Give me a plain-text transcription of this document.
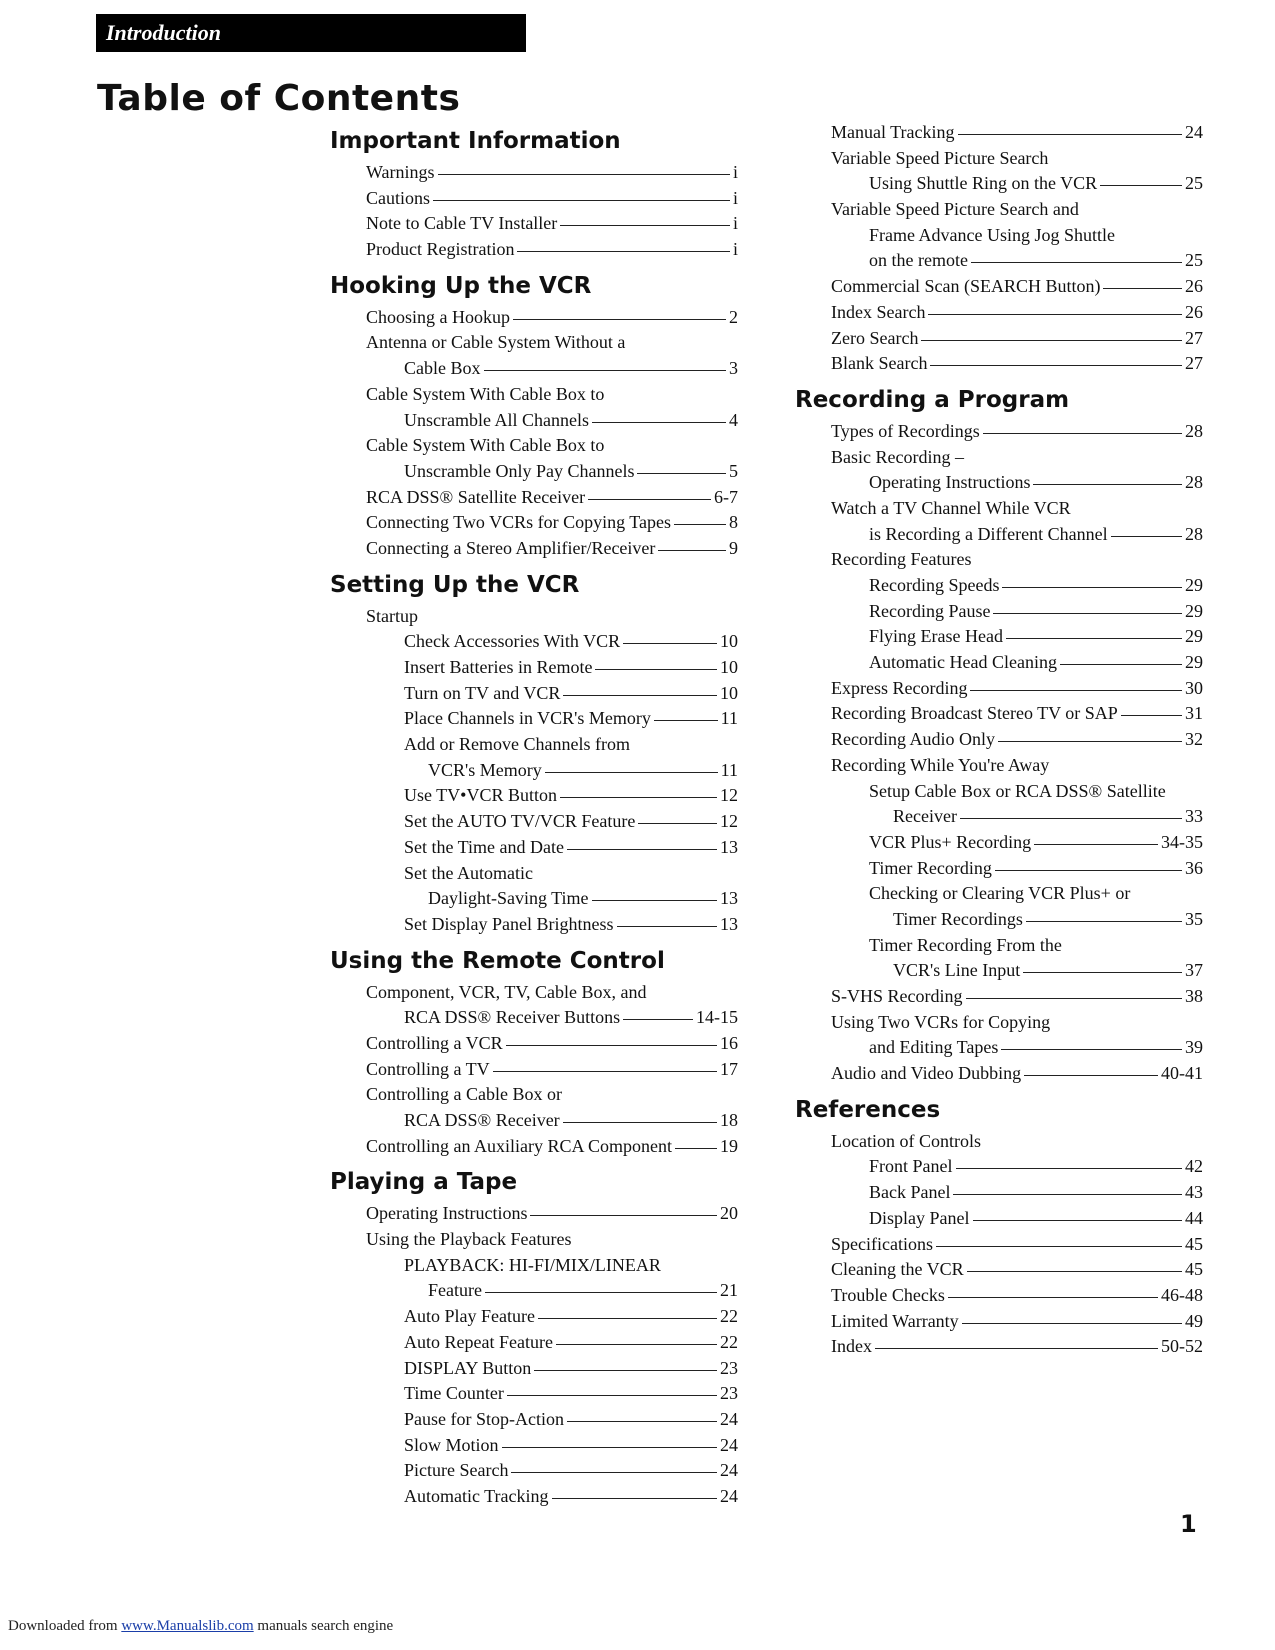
Introduction
Table of Contents
Important Information
Warnings	i
Cautions	i
Note to Cable TV Installer	i
Product Registration	i
Hooking Up the VCR
Choosing a Hookup	2
Antenna or Cable System Without a
Cable Box	3
Cable System With Cable Box to
Unscramble All Channels	4
Cable System With Cable Box to
Unscramble Only Pay Channels	5
RCA DSS® Satellite Receiver	6-7
Connecting Two VCRs for Copying Tapes	8
Connecting a Stereo Amplifier/Receiver	9
Setting Up the VCR
Startup
Check Accessories With VCR	10
Insert Batteries in Remote	10
Turn on TV and VCR	10
Place Channels in VCR's Memory	11
Add or Remove Channels from
VCR's Memory	11
Use TV•VCR Button	12
Set the AUTO TV/VCR Feature	12
Set the Time and Date	13
Set the Automatic
Daylight-Saving Time	13
Set Display Panel Brightness	13
Using the Remote Control
Component, VCR, TV, Cable Box, and
RCA DSS® Receiver Buttons	14-15
Controlling a VCR	16
Controlling a TV	17
Controlling a Cable Box or
RCA DSS® Receiver	18
Controlling an Auxiliary RCA Component	19
Playing a Tape
Operating Instructions	20
Using the Playback Features
PLAYBACK: HI-FI/MIX/LINEAR
Feature	21
Auto Play Feature	22
Auto Repeat Feature	22
DISPLAY Button	23
Time Counter	23
Pause for Stop-Action	24
Slow Motion	24
Picture Search	24
Automatic Tracking	24
Manual Tracking	24
Variable Speed Picture Search
Using Shuttle Ring on the VCR	25
Variable Speed Picture Search and
Frame Advance Using Jog Shuttle
on the remote	25
Commercial Scan (SEARCH Button)	26
Index Search	26
Zero Search	27
Blank Search	27
Recording a Program
Types of Recordings	28
Basic Recording –
Operating Instructions	28
Watch a TV Channel While VCR
is Recording a Different Channel	28
Recording Features
Recording Speeds	29
Recording Pause	29
Flying Erase Head	29
Automatic Head Cleaning	29
Express Recording	30
Recording Broadcast Stereo TV or SAP	31
Recording Audio Only	32
Recording While You're Away
Setup Cable Box or RCA DSS® Satellite
Receiver	33
VCR Plus+ Recording	34-35
Timer Recording	36
Checking or Clearing VCR Plus+ or
Timer Recordings	35
Timer Recording From the
VCR's Line Input	37
S-VHS Recording	38
Using Two VCRs for Copying
and Editing Tapes	39
Audio and Video Dubbing	40-41
References
Location of Controls
Front Panel	42
Back Panel	43
Display Panel	44
Specifications	45
Cleaning the VCR	45
Trouble Checks	46-48
Limited Warranty	49
Index	50-52
1
Downloaded from www.Manualslib.com manuals search engine
